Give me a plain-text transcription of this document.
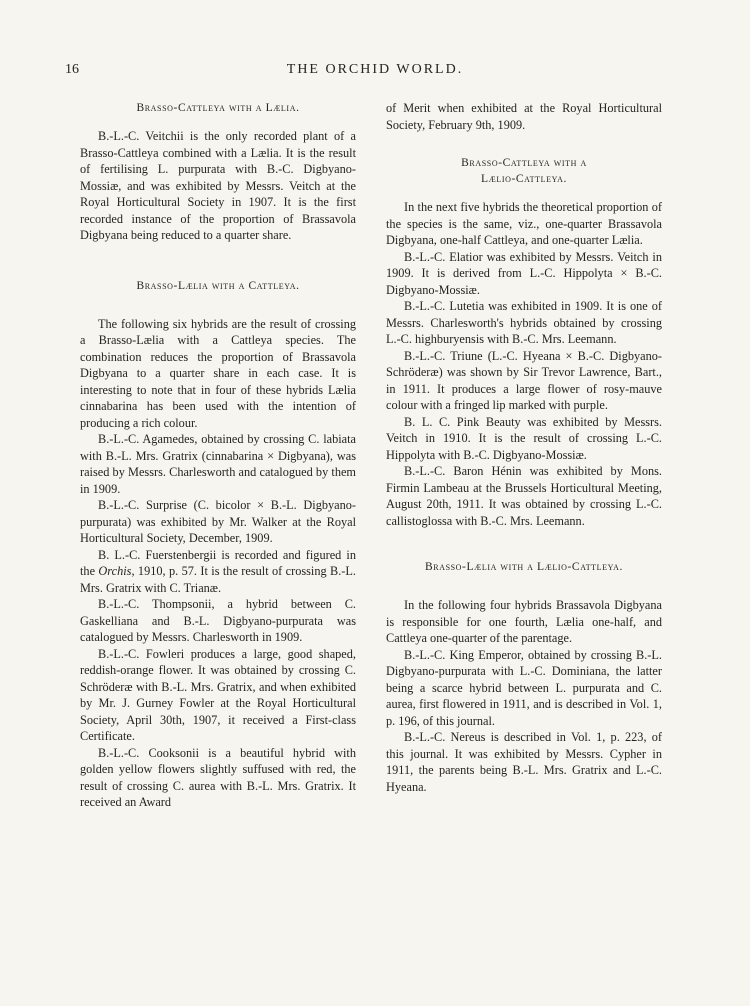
16	THE ORCHID WORLD.
Brasso-Cattleya with a Lælia.

B.-L.-C. Veitchii is the only recorded plant of a Brasso-Cattleya combined with a Lælia. It is the result of fertilising L. purpurata with B.-C. Digbyano-Mossiæ, and was exhibited by Messrs. Veitch at the Royal Horticultural Society in 1907. It is the first recorded instance of the proportion of Brassavola Digbyana being reduced to a quarter share.

Brasso-Lælia with a Cattleya.

The following six hybrids are the result of crossing a Brasso-Lælia with a Cattleya species. The combination reduces the proportion of Brassavola Digbyana to a quarter share in each case. It is interesting to note that in four of these hybrids Lælia cinnabarina has been used with the intention of producing a rich colour.

B.-L.-C. Agamedes, obtained by crossing C. labiata with B.-L. Mrs. Gratrix (cinnabarina × Digbyana), was raised by Messrs. Charlesworth and catalogued by them in 1909.

B.-L.-C. Surprise (C. bicolor × B.-L. Digbyano-purpurata) was exhibited by Mr. Walker at the Royal Horticultural Society, December, 1909.

B. L.-C. Fuerstenbergii is recorded and figured in the Orchis, 1910, p. 57. It is the result of crossing B.-L. Mrs. Gratrix with C. Trianæ.

B.-L.-C. Thompsonii, a hybrid between C. Gaskelliana and B.-L. Digbyano-purpurata was catalogued by Messrs. Charlesworth in 1909.

B.-L.-C. Fowleri produces a large, good shaped, reddish-orange flower. It was obtained by crossing C. Schröderæ with B.-L. Mrs. Gratrix, and when exhibited by Mr. J. Gurney Fowler at the Royal Horticultural Society, April 30th, 1907, it received a First-class Certificate.

B.-L.-C. Cooksonii is a beautiful hybrid with golden yellow flowers slightly suffused with red, the result of crossing C. aurea with B.-L. Mrs. Gratrix. It received an Award

of Merit when exhibited at the Royal Horticultural Society, February 9th, 1909.

Brasso-Cattleya with a
Lælio-Cattleya.

In the next five hybrids the theoretical proportion of the species is the same, viz., one-quarter Brassavola Digbyana, one-half Cattleya, and one-quarter Lælia.

B.-L.-C. Elatior was exhibited by Messrs. Veitch in 1909. It is derived from L.-C. Hippolyta × B.-C. Digbyano-Mossiæ.

B.-L.-C. Lutetia was exhibited in 1909. It is one of Messrs. Charlesworth's hybrids obtained by crossing L.-C. highburyensis with B.-C. Mrs. Leemann.

B.-L.-C. Triune (L.-C. Hyeana × B.-C. Digbyano-Schröderæ) was shown by Sir Trevor Lawrence, Bart., in 1911. It produces a large flower of rosy-mauve colour with a fringed lip marked with purple.

B. L. C. Pink Beauty was exhibited by Messrs. Veitch in 1910. It is the result of crossing L.-C. Hippolyta with B.-C. Digbyano-Mossiæ.

B.-L.-C. Baron Hénin was exhibited by Mons. Firmin Lambeau at the Brussels Horticultural Meeting, August 20th, 1911. It was obtained by crossing L.-C. callistoglossa with B.-C. Mrs. Leemann.

Brasso-Lælia with a Lælio-Cattleya.

In the following four hybrids Brassavola Digbyana is responsible for one fourth, Lælia one-half, and Cattleya one-quarter of the parentage.

B.-L.-C. King Emperor, obtained by crossing B.-L. Digbyano-purpurata with L.-C. Dominiana, the latter being a scarce hybrid between L. purpurata and C. aurea, first flowered in 1911, and is described in Vol. 1, p. 196, of this journal.

B.-L.-C. Nereus is described in Vol. 1, p. 223, of this journal. It was exhibited by Messrs. Cypher in 1911, the parents being B.-L. Mrs. Gratrix and L.-C. Hyeana.
